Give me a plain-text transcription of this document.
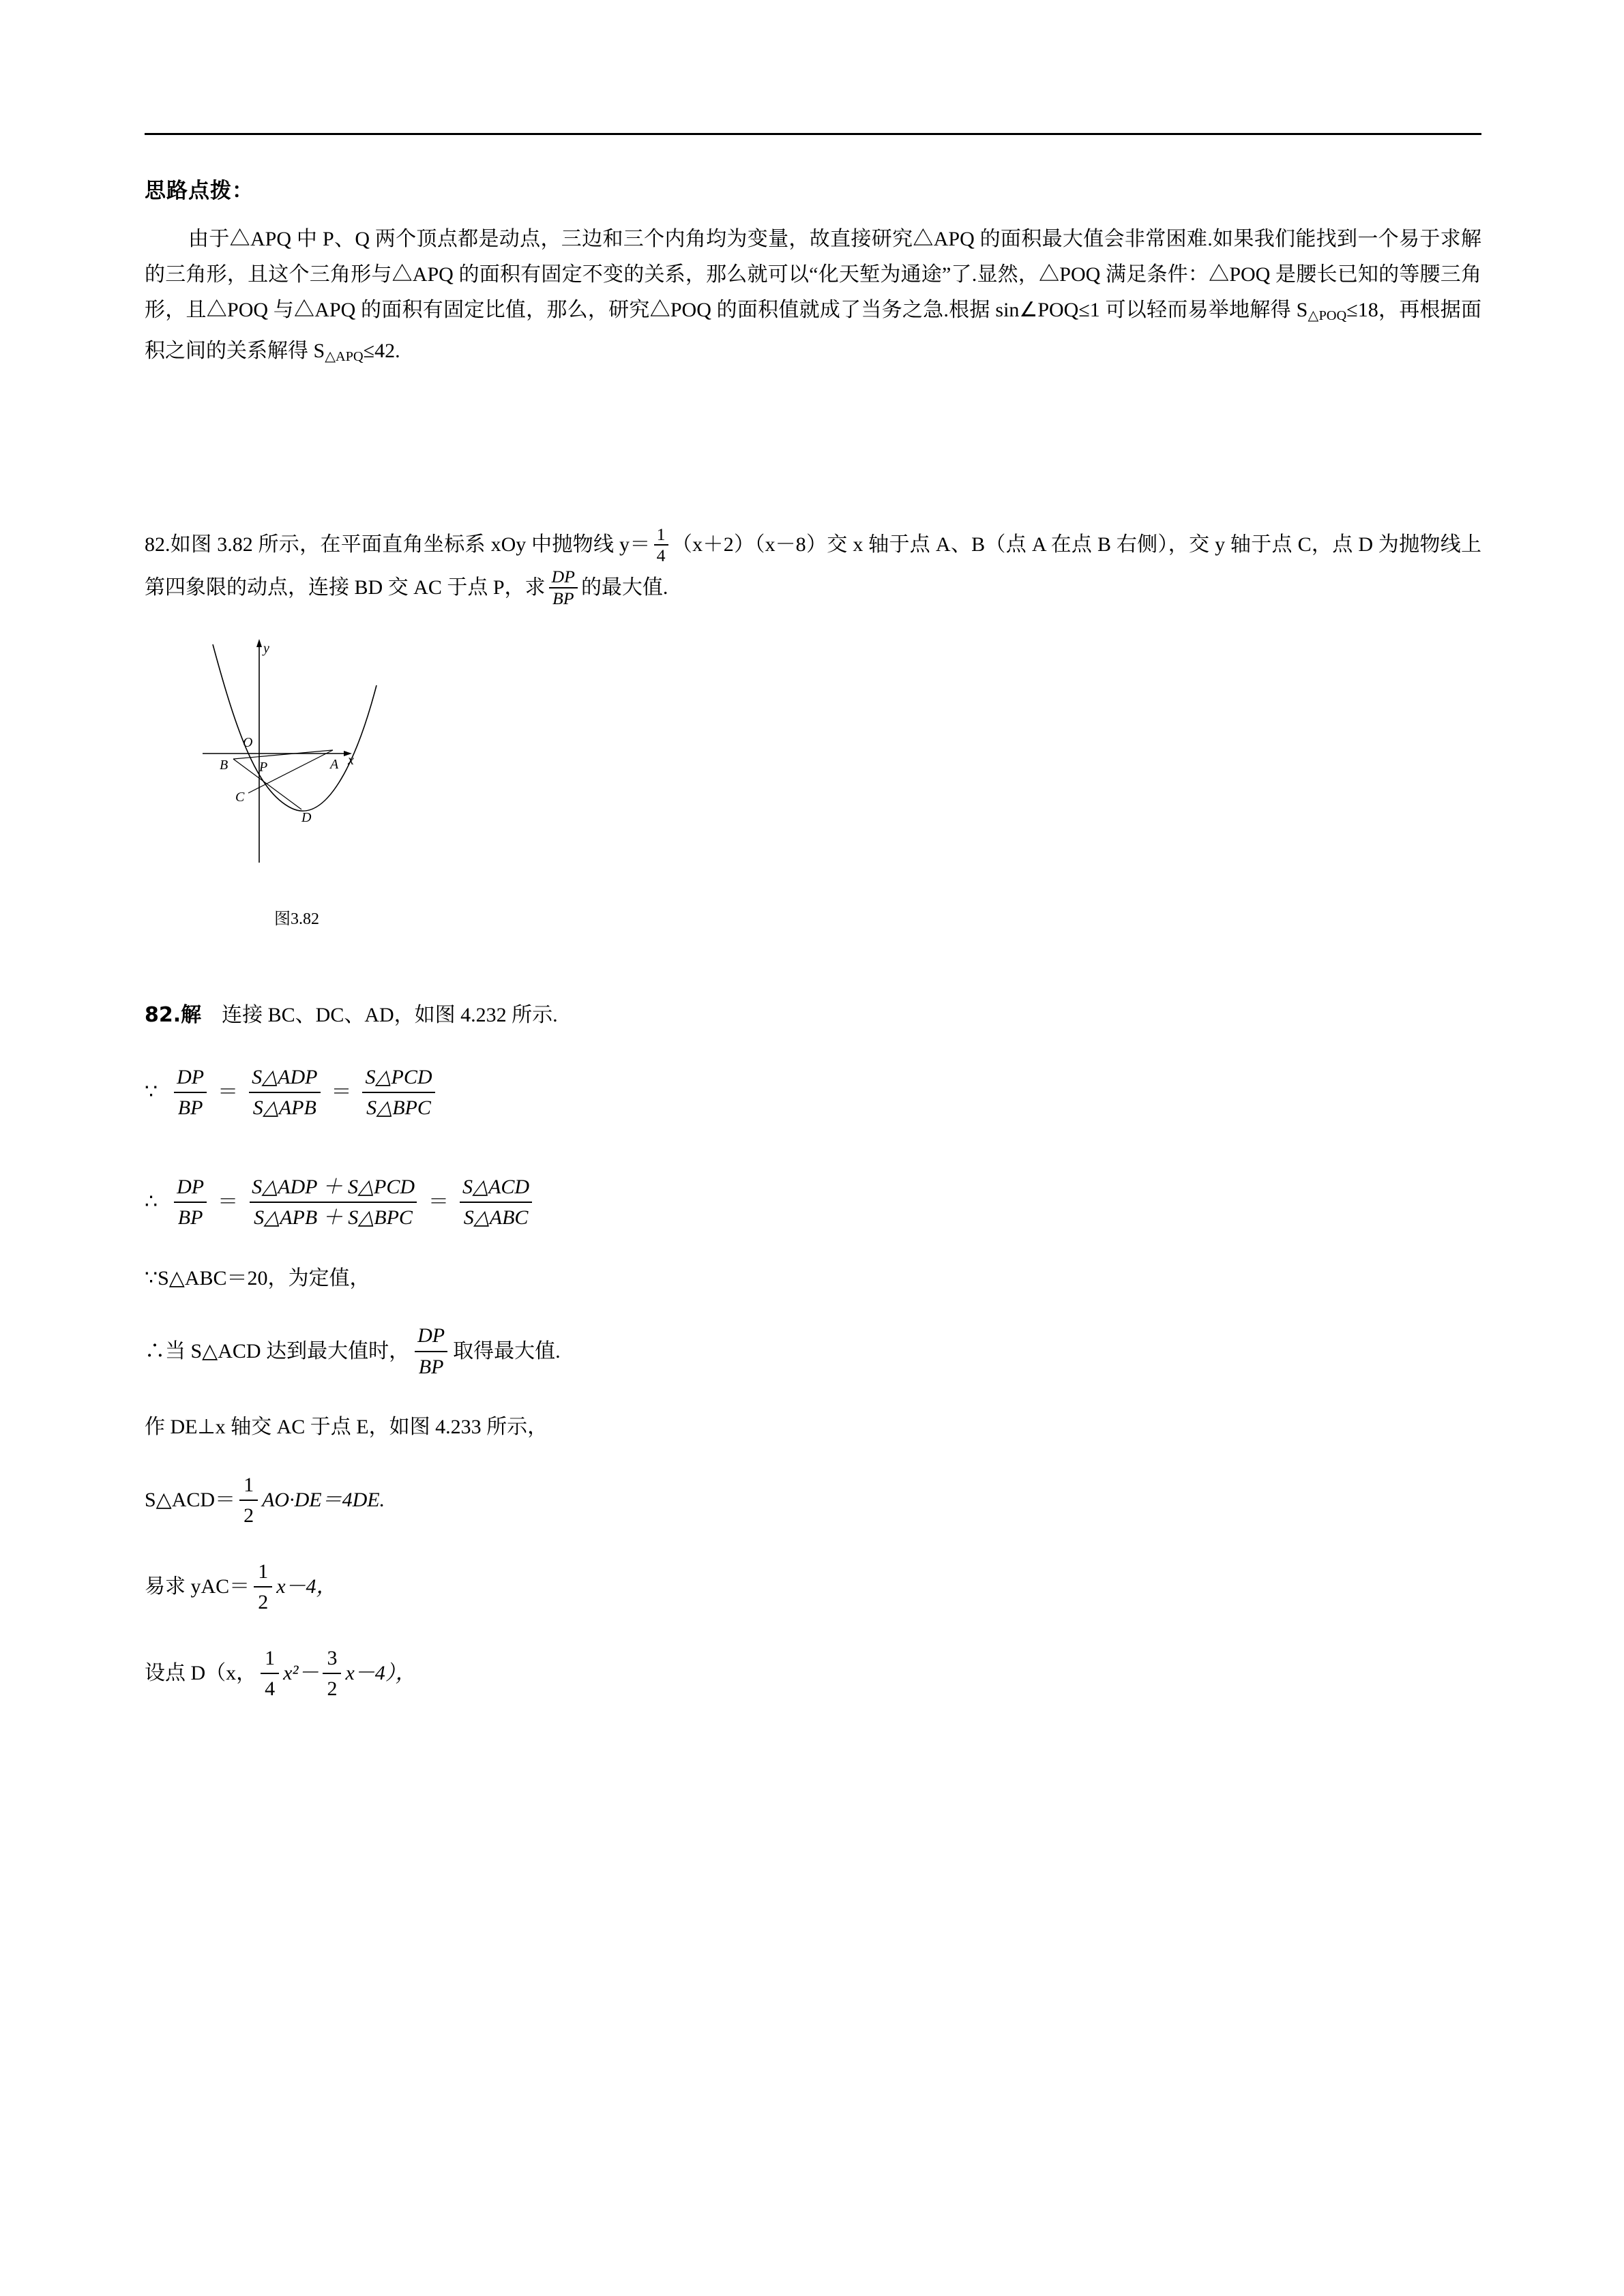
思路点拨：

由于△APQ 中 P、Q 两个顶点都是动点，三边和三个内角均为变量，故直接研究△APQ 的面积最大值会非常困难.如果我们能找到一个易于求解的三角形，且这个三角形与△APQ 的面积有固定不变的关系，那么就可以“化天堑为通途”了.显然，△POQ 满足条件：△POQ 是腰长已知的等腰三角形，且△POQ 与△APQ 的面积有固定比值，那么，研究△POQ 的面积值就成了当务之急.根据 sin∠POQ≤1 可以轻而易举地解得 $S_{\triangle POQ}\le 18$，再根据面积之间的关系解得 $S_{\triangle APQ}\le 42$.

82.如图 3.82 所示，在平面直角坐标系 xOy 中抛物线 $y= \frac{1}{4} (x+2)(x-8)$交 x 轴于点 A、B（点 A 在点 B 右侧），交 y 轴于点 C，点 D 为抛物线上第四象限的动点，连接 BD 交 AC 于点 P，求 $\frac{DP}{BP}$ 的最大值.
y
x
O
A
B
C
D
P
图3.82
82.解 连接 BC、DC、AD，如图 4.232 所示.
∵ $\frac{DP}{BP} = \frac{\text{S△ADP}}{\text{S△APB}} = \frac{\text{S△PCD}}{\text{S△BPC}}$
∴ $\frac{DP}{BP} = \frac{\text{S△ADP ＋ S△PCD}}{\text{S△APB ＋ S△BPC}} = \frac{\text{S△ACD}}{\text{S△ABC}}$
∵S△ABC＝20，为定值，
∴当 S△ACD 达到最大值时， $\frac{DP}{BP}$ 取得最大值.
作 DE⊥x 轴交 AC 于点 E，如图 4.233 所示，
S△ACD＝ $\frac{1}{2} AO\cdot DE=4DE$.
易求 $yAC= \frac{1}{2} x-4$，
设点 D（x， $\frac{1}{4} x^2- \frac{3}{2} x-4$），
